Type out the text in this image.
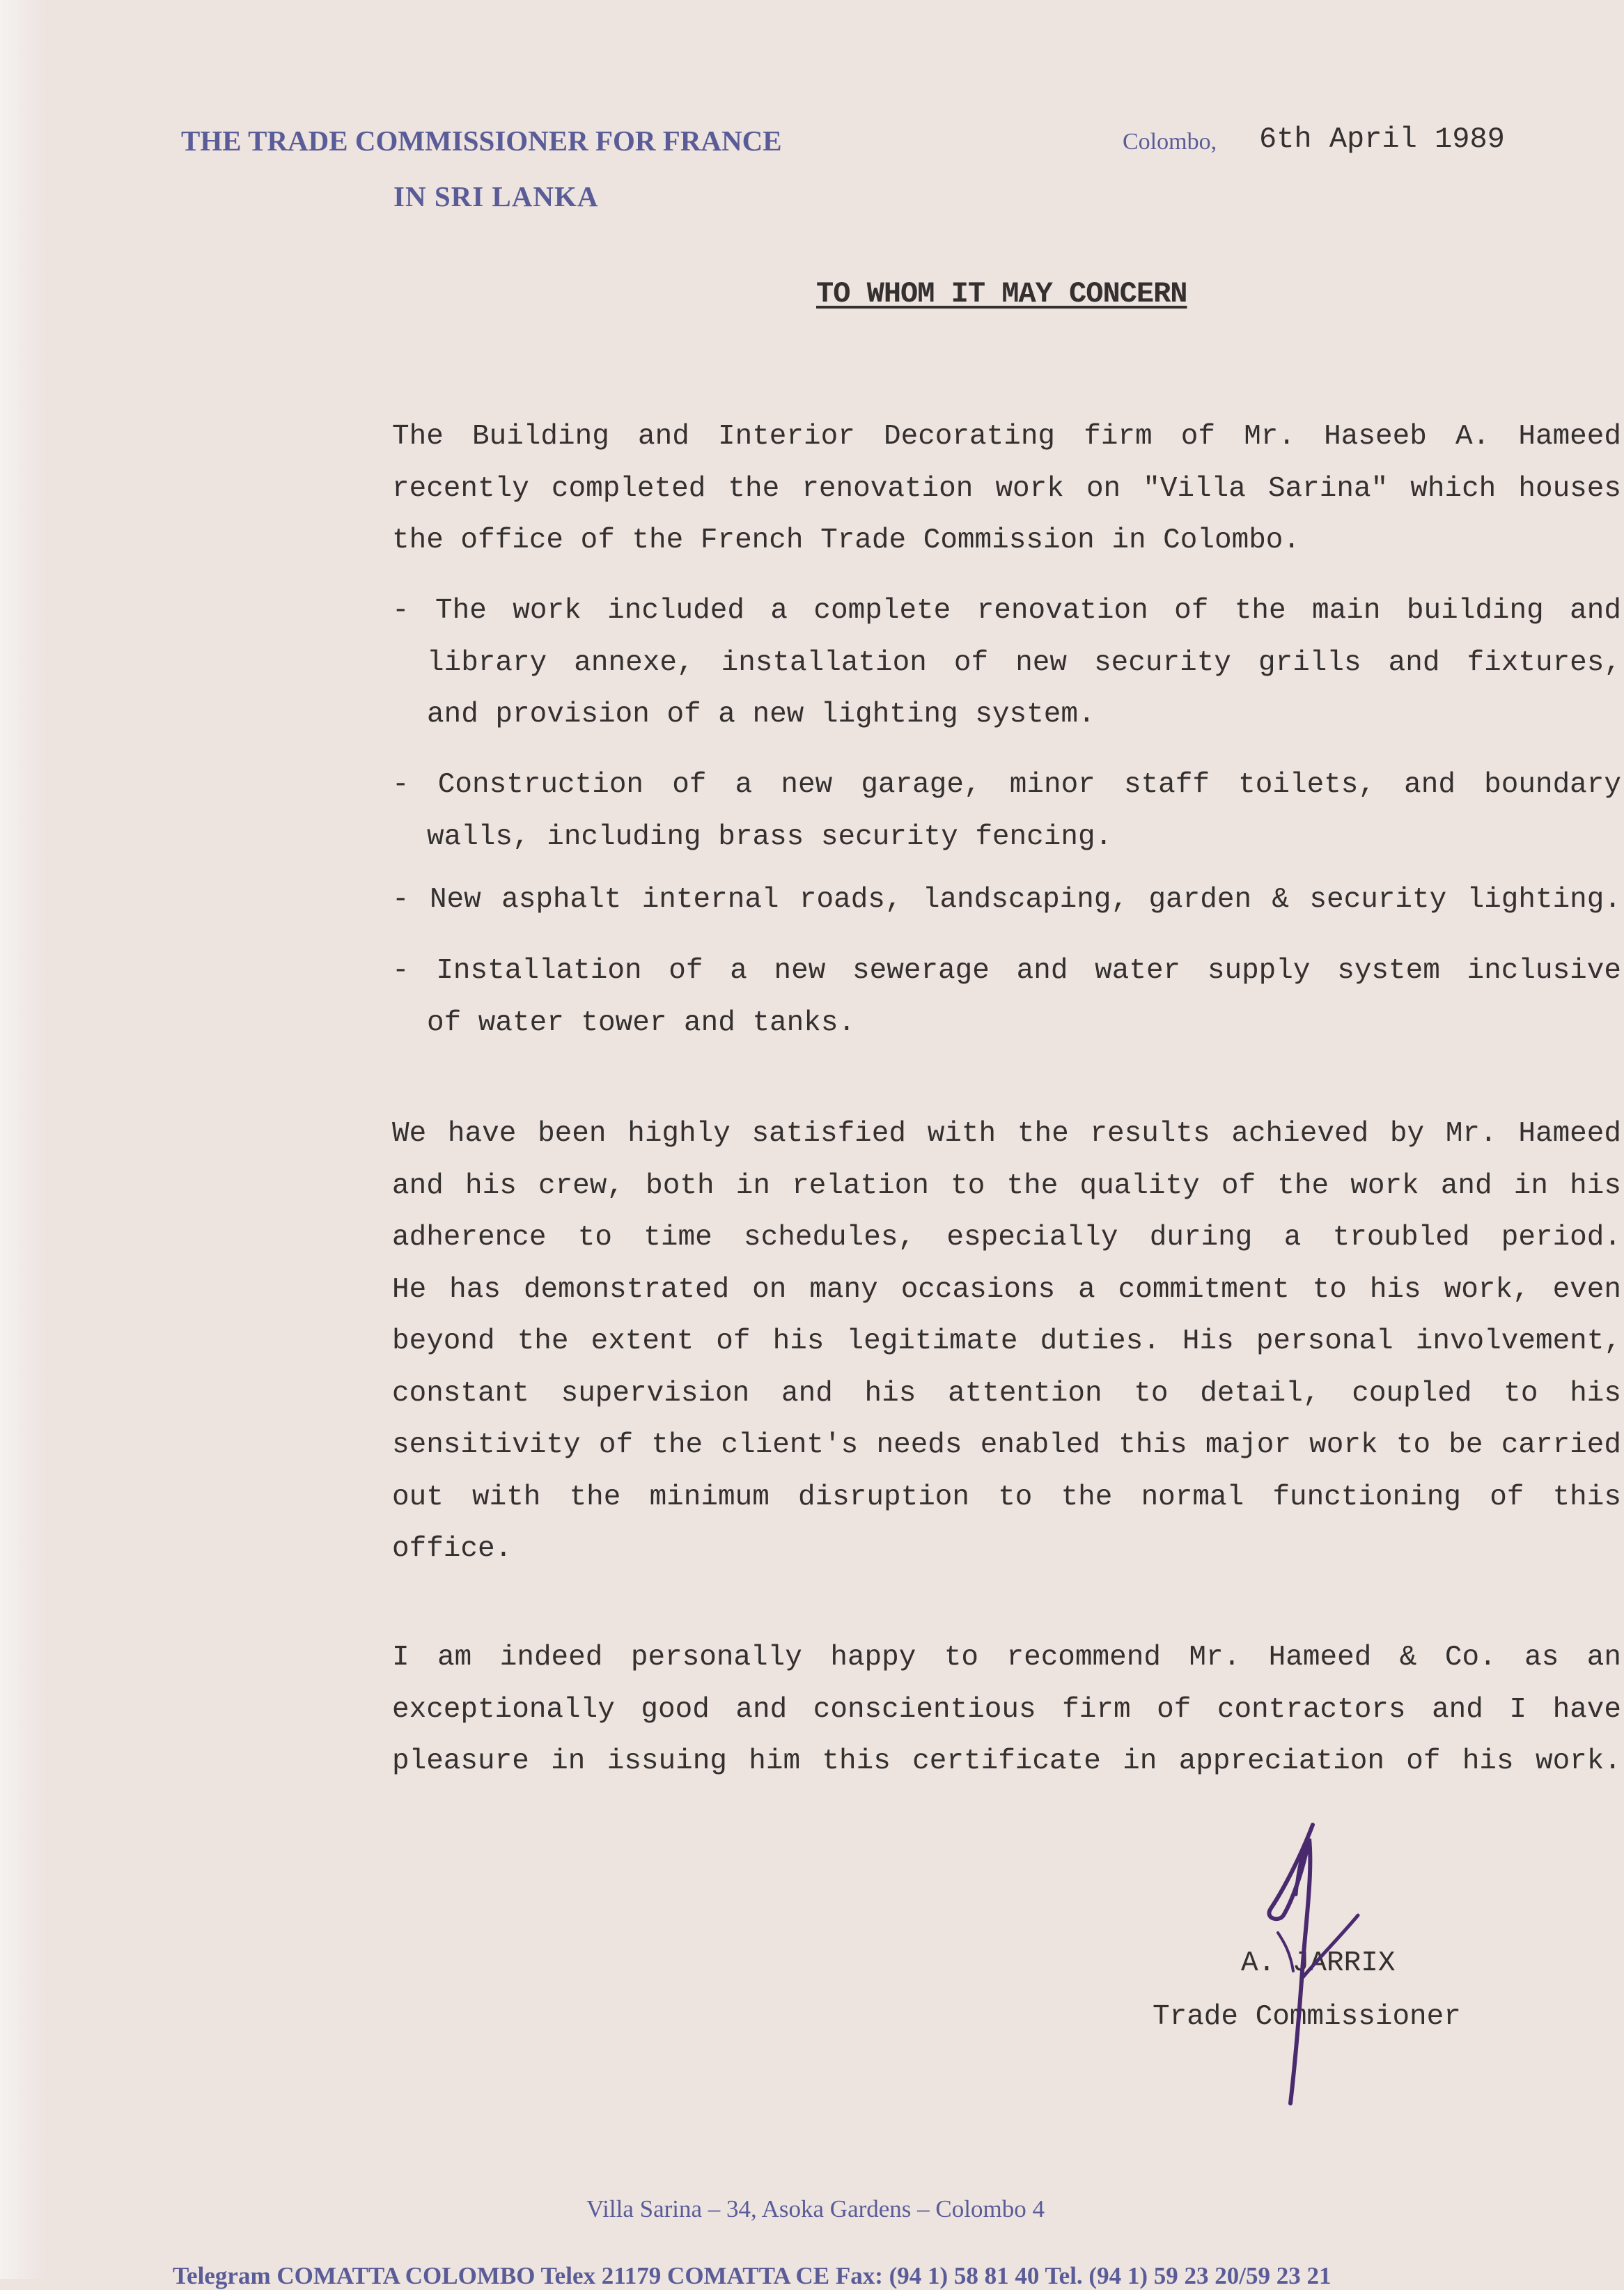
THE TRADE COMMISSIONER FOR FRANCE
IN SRI LANKA
Colombo, 6th April 1989
TO WHOM IT MAY CONCERN
The Building and Interior Decorating firm of Mr. Haseeb A. Hameed
recently completed the renovation work on "Villa Sarina" which houses
the office of the French Trade Commission in Colombo.
- The work included a complete renovation of the main building and
library annexe, installation of new security grills and fixtures,
and provision of a new lighting system.
- Construction of a new garage, minor staff toilets, and boundary
walls, including brass security fencing.
- New asphalt internal roads, landscaping, garden & security lighting.
- Installation of a new sewerage and water supply system inclusive
of water tower and tanks.
We have been highly satisfied with the results achieved by Mr. Hameed
and his crew, both in relation to the quality of the work and in his
adherence to time schedules, especially during a troubled period.
He has demonstrated on many occasions a commitment to his work, even
beyond the extent of his legitimate duties. His personal involvement,
constant supervision and his attention to detail, coupled to his
sensitivity of the client's needs enabled this major work to be carried
out with the minimum disruption to the normal functioning of this
office.
I am indeed personally happy to recommend Mr. Hameed & Co. as an
exceptionally good and conscientious firm of contractors and I have
pleasure in issuing him this certificate in appreciation of his work.
A. JARRIX
Trade Commissioner
Villa Sarina – 34, Asoka Gardens – Colombo 4
Telegram COMATTA COLOMBO Telex 21179 COMATTA CE Fax: (94 1) 58 81 40 Tel. (94 1) 59 23 20/59 23 21
